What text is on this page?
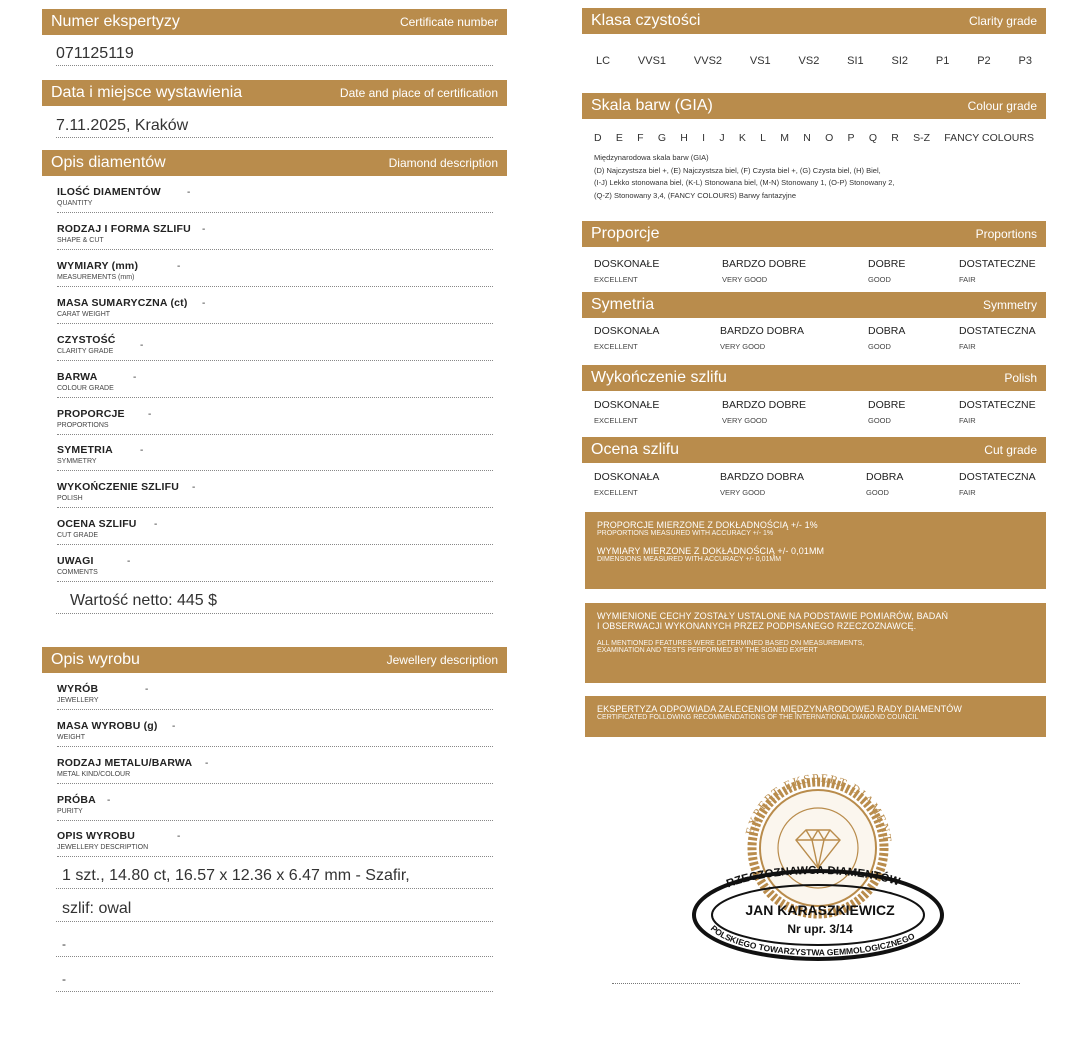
Numer ekspertyzy	Certificate number
071125119
Data i miejsce wystawienia	Date and place of certification
7.11.2025, Kraków
Opis diamentów	Diamond description
ILOŚĆ DIAMENTÓW
QUANTITY
-
RODZAJ I FORMA SZLIFU
SHAPE & CUT
-
WYMIARY (mm)
MEASUREMENTS (mm)
-
MASA SUMARYCZNA (ct)
CARAT WEIGHT
-
CZYSTOŚĆ
CLARITY GRADE
-
BARWA
COLOUR GRADE
-
PROPORCJE
PROPORTIONS
-
SYMETRIA
SYMMETRY
-
WYKOŃCZENIE SZLIFU
POLISH
-
OCENA SZLIFU
CUT GRADE
-
UWAGI
COMMENTS
-
Wartość netto: 445 $
Opis wyrobu	Jewellery description
WYRÓB
JEWELLERY
-
MASA WYROBU (g)
WEIGHT
-
RODZAJ METALU/BARWA
METAL KIND/COLOUR
-
PRÓBA
PURITY
-
OPIS WYROBU
JEWELLERY DESCRIPTION
-
1 szt., 14.80 ct, 16.57 x 12.36 x 6.47 mm - Szafir,
szlif: owal
-
-
Klasa czystości	Clarity grade
LC	VVS1	VVS2	VS1	VS2	SI1	SI2	P1	P2	P3
Skala barw (GIA)	Colour grade
D E F G H I J K L M N O P Q R S-Z FANCY COLOURS
Międzynarodowa skala barw (GIA)
(D) Najczystsza biel +, (E) Najczystsza biel, (F) Czysta biel +, (G) Czysta biel, (H) Biel,
(I-J) Lekko stonowana biel, (K-L) Stonowana biel, (M-N) Stonowany 1, (O-P) Stonowany 2,
(Q-Z) Stonowany 3,4, (FANCY COLOURS) Barwy fantazyjne
Proporcje	Proportions
DOSKONAŁE
EXCELLENT
BARDZO DOBRE
VERY GOOD
DOBRE
GOOD
DOSTATECZNE
FAIR
Symetria	Symmetry
DOSKONAŁA
EXCELLENT
BARDZO DOBRA
VERY GOOD
DOBRA
GOOD
DOSTATECZNA
FAIR
Wykończenie szlifu	Polish
DOSKONAŁE
EXCELLENT
BARDZO DOBRE
VERY GOOD
DOBRE
GOOD
DOSTATECZNE
FAIR
Ocena szlifu	Cut grade
DOSKONAŁA
EXCELLENT
BARDZO DOBRA
VERY GOOD
DOBRA
GOOD
DOSTATECZNA
FAIR
PROPORCJE MIERZONE Z DOKŁADNOŚCIĄ +/- 1%
PROPORTIONS MEASURED WITH ACCURACY +/- 1%
WYMIARY MIERZONE Z DOKŁADNOŚCIĄ +/- 0,01MM
DIMENSIONS MEASURED WITH ACCURACY +/- 0,01MM
WYMIENIONE CECHY ZOSTAŁY USTALONE NA PODSTAWIE POMIARÓW, BADAŃ
I OBSERWACJI WYKONANYCH PRZEZ PODPISANEGO RZECZOZNAWCĘ.
ALL MENTIONED FEATURES WERE DETERMINED BASED ON MEASUREMENTS,
EXAMINATION AND TESTS PERFORMED BY THE SIGNED EXPERT
EKSPERTYZA ODPOWIADA ZALECENIOM MIĘDZYNARODOWEJ RADY DIAMENTÓW
CERTIFICATED FOLLOWING RECOMMENDATIONS OF THE INTERNATIONAL DIAMOND COUNCIL
EXPERT EKSPERT DIAMENT
RZECZOZNAWCA DIAMENTÓW
JAN KARASZKIEWICZ
Nr upr. 3/14
POLSKIEGO TOWARZYSTWA GEMMOLOGICZNEGO
